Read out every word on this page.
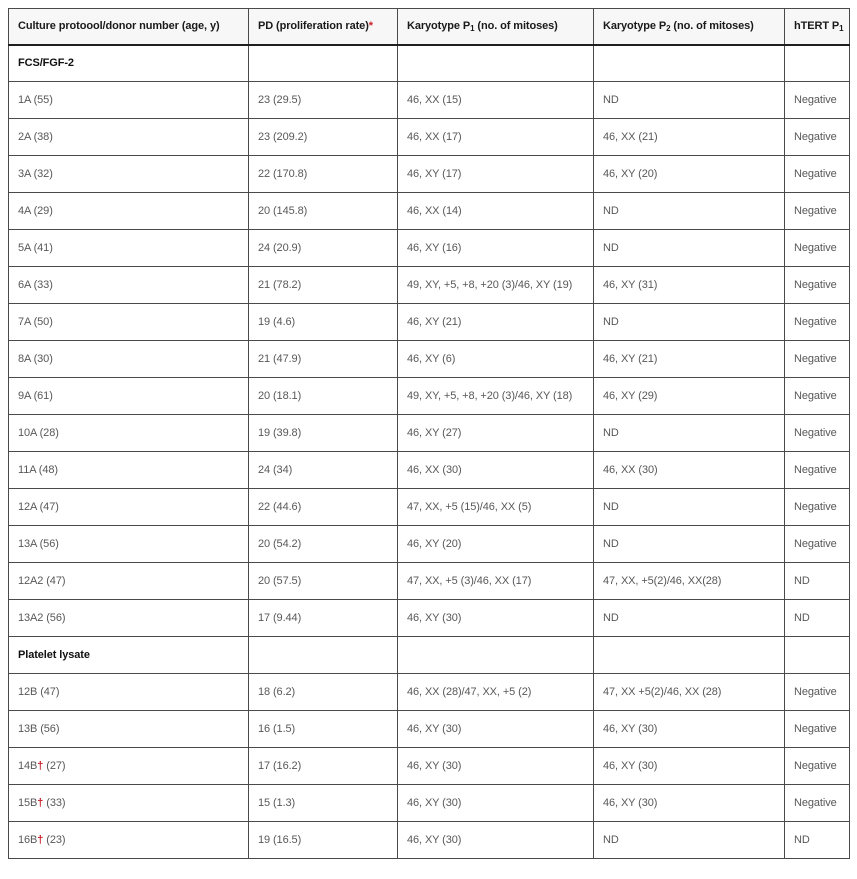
Culture protoool/donor number (age, y)	PD (proliferation rate)*	Karyotype $P_1$ (no. of mitoses)	Karyotype $P_2$ (no. of mitoses)	hTERT $P_1$
FCS/FGF-2				
1A (55)	23 (29.5)	46, XX (15)	ND	Negative
2A (38)	23 (209.2)	46, XX (17)	46, XX (21)	Negative
3A (32)	22 (170.8)	46, XY (17)	46, XY (20)	Negative
4A (29)	20 (145.8)	46, XX (14)	ND	Negative
5A (41)	24 (20.9)	46, XY (16)	ND	Negative
6A (33)	21 (78.2)	49, XY, +5, +8, +20 (3)/46, XY (19)	46, XY (31)	Negative
7A (50)	19 (4.6)	46, XY (21)	ND	Negative
8A (30)	21 (47.9)	46, XY (6)	46, XY (21)	Negative
9A (61)	20 (18.1)	49, XY, +5, +8, +20 (3)/46, XY (18)	46, XY (29)	Negative
10A (28)	19 (39.8)	46, XY (27)	ND	Negative
11A (48)	24 (34)	46, XX (30)	46, XX (30)	Negative
12A (47)	22 (44.6)	47, XX, +5 (15)/46, XX (5)	ND	Negative
13A (56)	20 (54.2)	46, XY (20)	ND	Negative
12A2 (47)	20 (57.5)	47, XX, +5 (3)/46, XX (17)	47, XX, +5(2)/46, XX(28)	ND
13A2 (56)	17 (9.44)	46, XY (30)	ND	ND
Platelet lysate				
12B (47)	18 (6.2)	46, XX (28)/47, XX, +5 (2)	47, XX +5(2)/46, XX (28)	Negative
13B (56)	16 (1.5)	46, XY (30)	46, XY (30)	Negative
14B† (27)	17 (16.2)	46, XY (30)	46, XY (30)	Negative
15B† (33)	15 (1.3)	46, XY (30)	46, XY (30)	Negative
16B† (23)	19 (16.5)	46, XY (30)	ND	ND
